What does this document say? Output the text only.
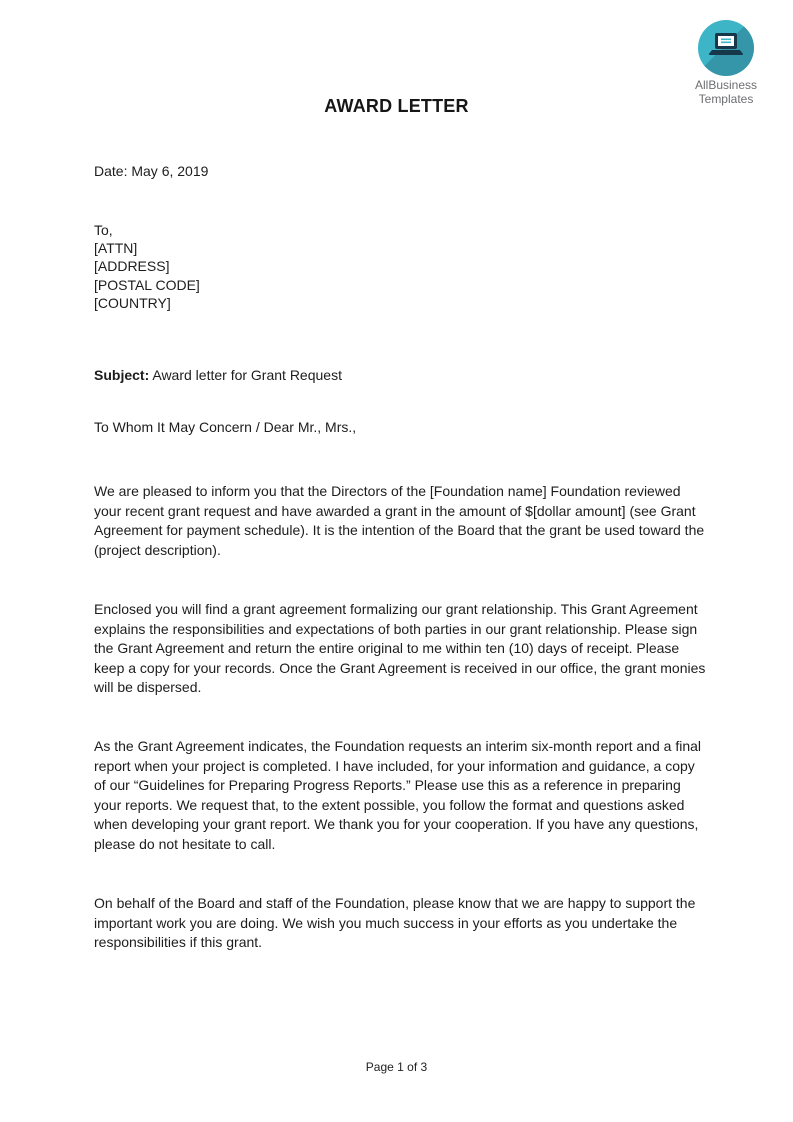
AllBusiness
Templates
AWARD LETTER
Date: May 6, 2019
To,
[ATTN]
[ADDRESS]
[POSTAL CODE]
[COUNTRY]
Subject: Award letter for Grant Request
To Whom It May Concern / Dear Mr., Mrs.,
We are pleased to inform you that the Directors of the [Foundation name] Foundation reviewed your recent grant request and have awarded a grant in the amount of $[dollar amount] (see Grant Agreement for payment schedule). It is the intention of the Board that the grant be used toward the (project description).
Enclosed you will find a grant agreement formalizing our grant relationship. This Grant Agreement explains the responsibilities and expectations of both parties in our grant relationship. Please sign the Grant Agreement and return the entire original to me within ten (10) days of receipt. Please keep a copy for your records. Once the Grant Agreement is received in our office, the grant monies will be dispersed.
As the Grant Agreement indicates, the Foundation requests an interim six-month report and a final report when your project is completed. I have included, for your information and guidance, a copy of our “Guidelines for Preparing Progress Reports.” Please use this as a reference in preparing your reports. We request that, to the extent possible, you follow the format and questions asked when developing your grant report. We thank you for your cooperation. If you have any questions, please do not hesitate to call.
On behalf of the Board and staff of the Foundation, please know that we are happy to support the important work you are doing. We wish you much success in your efforts as you undertake the responsibilities if this grant.
Page 1 of 3
